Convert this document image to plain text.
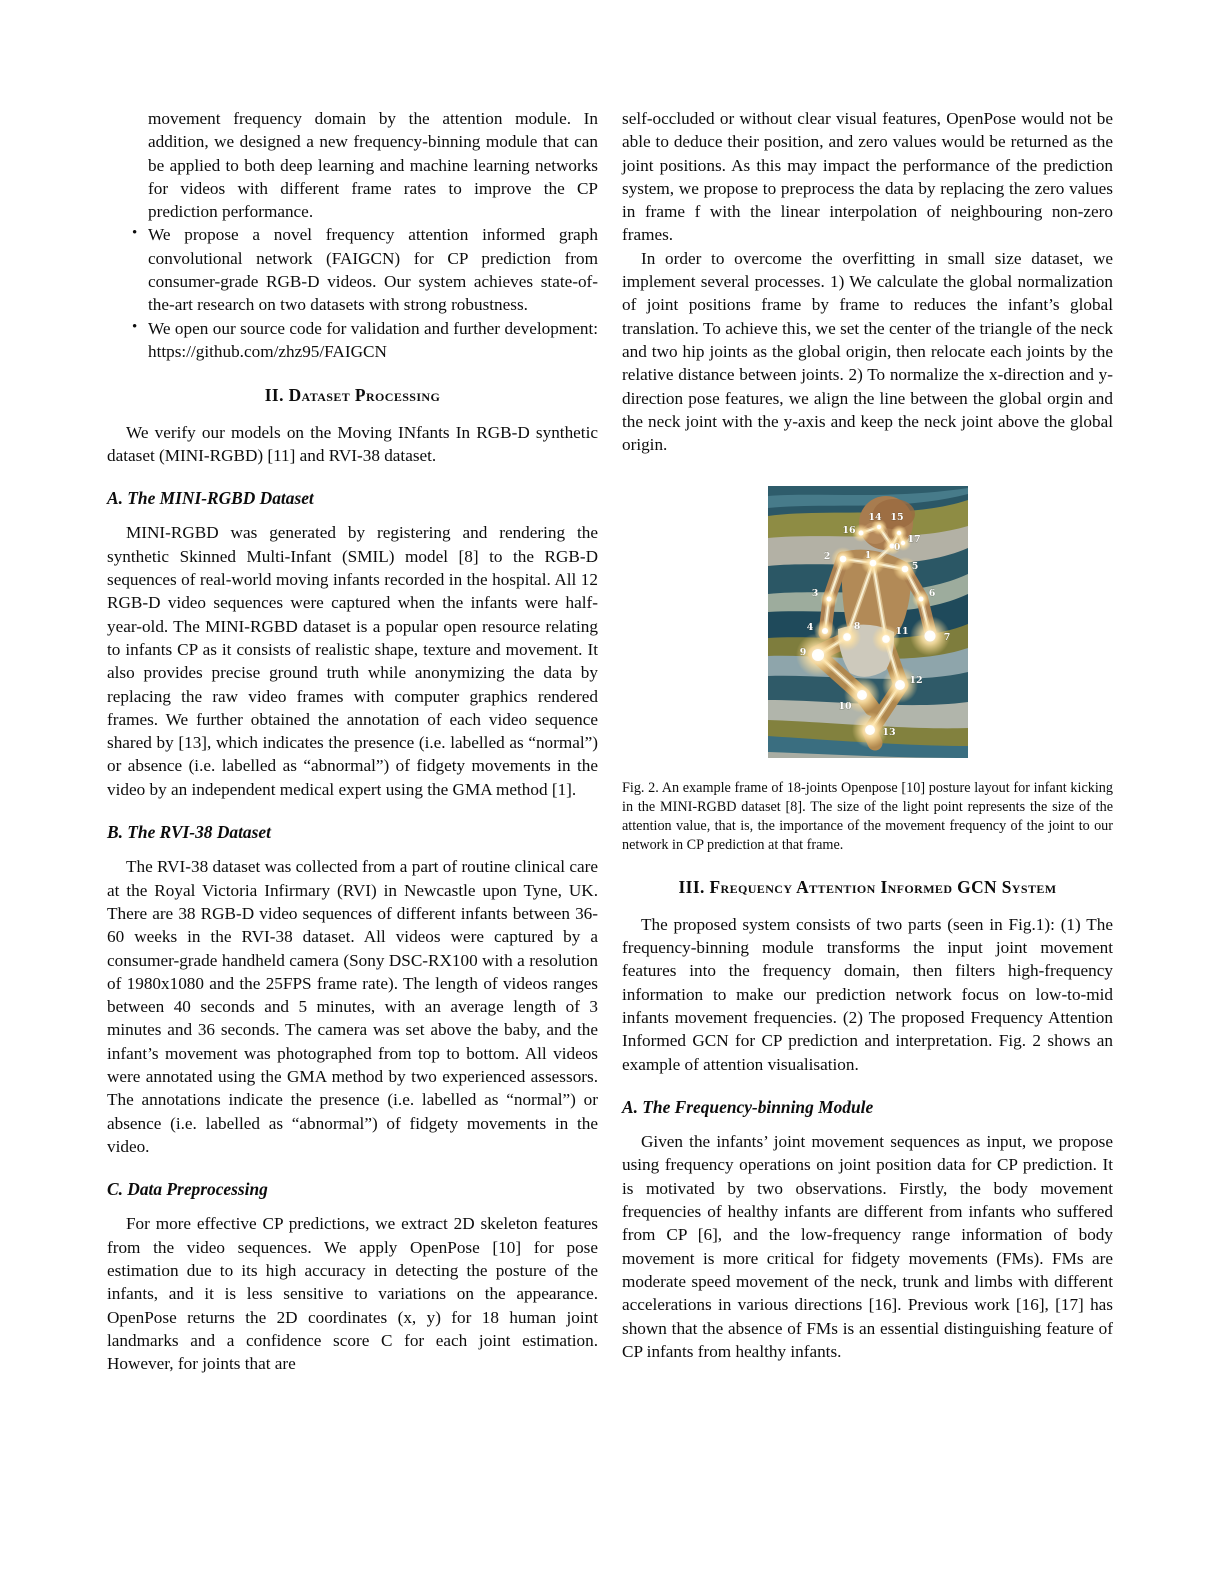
movement frequency domain by the attention module. In addition, we designed a new frequency-binning module that can be applied to both deep learning and machine learning networks for videos with different frame rates to improve the CP prediction performance.

• We propose a novel frequency attention informed graph convolutional network (FAIGCN) for CP prediction from consumer-grade RGB-D videos. Our system achieves state-of-the-art research on two datasets with strong robustness.

• We open our source code for validation and further development: https://github.com/zhz95/FAIGCN

II. Dataset Processing

We verify our models on the Moving INfants In RGB-D synthetic dataset (MINI-RGBD) [11] and RVI-38 dataset.

A. The MINI-RGBD Dataset

MINI-RGBD was generated by registering and rendering the synthetic Skinned Multi-Infant (SMIL) model [8] to the RGB-D sequences of real-world moving infants recorded in the hospital. All 12 RGB-D video sequences were captured when the infants were half-year-old. The MINI-RGBD dataset is a popular open resource relating to infants CP as it consists of realistic shape, texture and movement. It also provides precise ground truth while anonymizing the data by replacing the raw video frames with computer graphics rendered frames. We further obtained the annotation of each video sequence shared by [13], which indicates the presence (i.e. labelled as “normal”) or absence (i.e. labelled as “abnormal”) of fidgety movements in the video by an independent medical expert using the GMA method [1].

B. The RVI-38 Dataset

The RVI-38 dataset was collected from a part of routine clinical care at the Royal Victoria Infirmary (RVI) in Newcastle upon Tyne, UK. There are 38 RGB-D video sequences of different infants between 36-60 weeks in the RVI-38 dataset. All videos were captured by a consumer-grade handheld camera (Sony DSC-RX100 with a resolution of 1980x1080 and the 25FPS frame rate). The length of videos ranges between 40 seconds and 5 minutes, with an average length of 3 minutes and 36 seconds. The camera was set above the baby, and the infant’s movement was photographed from top to bottom. All videos were annotated using the GMA method by two experienced assessors. The annotations indicate the presence (i.e. labelled as “normal”) or absence (i.e. labelled as “abnormal”) of fidgety movements in the video.

C. Data Preprocessing

For more effective CP predictions, we extract 2D skeleton features from the video sequences. We apply OpenPose [10] for pose estimation due to its high accuracy in detecting the posture of the infants, and it is less sensitive to variations on the appearance. OpenPose returns the 2D coordinates (x, y) for 18 human joint landmarks and a confidence score C for each joint estimation. However, for joints that are

self-occluded or without clear visual features, OpenPose would not be able to deduce their position, and zero values would be returned as the joint positions. As this may impact the performance of the prediction system, we propose to preprocess the data by replacing the zero values in frame f with the linear interpolation of neighbouring non-zero frames.

In order to overcome the overfitting in small size dataset, we implement several processes. 1) We calculate the global normalization of joint positions frame by frame to reduces the infant’s global translation. To achieve this, we set the center of the triangle of the neck and two hip joints as the global origin, then relocate each joints by the relative distance between joints. 2) To normalize the x-direction and y-direction pose features, we align the line between the global orgin and the neck joint with the y-axis and keep the neck joint above the global origin.

0
1
2
3
4
5
6
7
8
9
10
11
12
13
14 15
16
17

Fig. 2. An example frame of 18-joints Openpose [10] posture layout for infant kicking in the MINI-RGBD dataset [8]. The size of the light point represents the size of the attention value, that is, the importance of the movement frequency of the joint to our network in CP prediction at that frame.

III. Frequency Attention Informed GCN System

The proposed system consists of two parts (seen in Fig.1): (1) The frequency-binning module transforms the input joint movement features into the frequency domain, then filters high-frequency information to make our prediction network focus on low-to-mid infants movement frequencies. (2) The proposed Frequency Attention Informed GCN for CP prediction and interpretation. Fig. 2 shows an example of attention visualisation.

A. The Frequency-binning Module

Given the infants’ joint movement sequences as input, we propose using frequency operations on joint position data for CP prediction. It is motivated by two observations. Firstly, the body movement frequencies of healthy infants are different from infants who suffered from CP [6], and the low-frequency range information of body movement is more critical for fidgety movements (FMs). FMs are moderate speed movement of the neck, trunk and limbs with different accelerations in various directions [16]. Previous work [16], [17] has shown that the absence of FMs is an essential distinguishing feature of CP infants from healthy infants.
